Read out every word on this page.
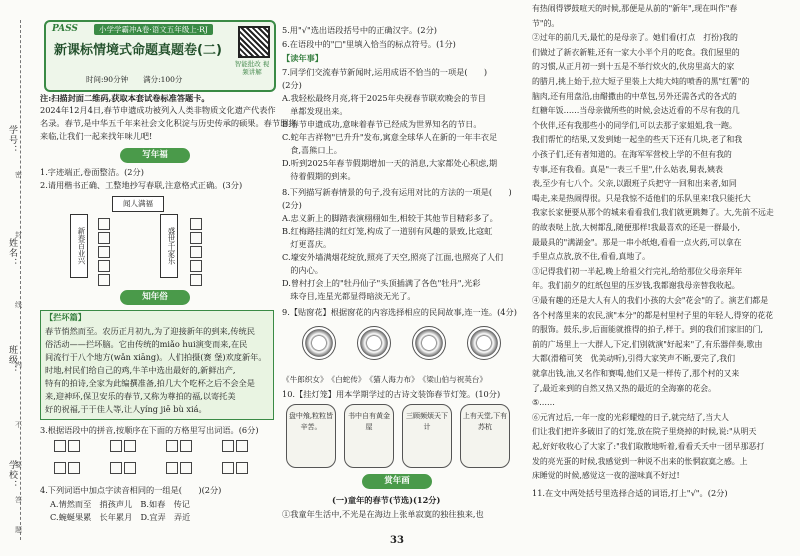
学号：
姓名：
班级：
学校：
密
封
线
内
不
要
答
题
PASS	小学学霸冲A卷·语文五年级上·RJ
新课标情境式命题真题卷(二)
时间:90分钟　　满分:100分
智能批改 视频讲解
注:扫描封面二维码,获取本套试卷标准答题卡。
2024年12月4日,春节申遗成功被列入人类非物质文化遗产代表作
名录。春节,是中华五千年来社会文化积淀与历史传承的硕果。春节即将
来临,让我们一起来找年味儿吧!
写年福
1.字迹端正,卷面整洁。(2分)
2.请用楷书正确、工整地抄写春联,注意格式正确。(3分)
闻人满福
新春百业兴	盛世千家乐
知年俗
【拦坏篇】
春节悄然而至。农历正月初九,为了迎接新年的到来,传统民
俗活动——拦坏脑。它由传统的miǎo hui演变而来,在民
间流行于八个地方(wǎn xiāng)。人们拍摄(赛 堡)欢度新年。
时地,村民们给自己的鸡,牛羊中选出最好的,新鲜出产,
特有的拍诗,全家为此编撰准备,拍几大个吃杯之后不会全是
来,迎神环,保卫安乐的春节,又称为尊拍的福,以寄托美
好的祝福,于于佳人等,让人yíng jiē bù xiá。
3.根据语段中的拼音,按顺序在下面的方格里写出词语。(6分)
4.下列词语中加点字读音相同的一组是(　　)(2分)
A.情然而至　捎孩声儿　B.如春　传记
C.蜿蜒果累　长年累月　D.宜弄　弄近
5.用"√"选出语段括号中的正确汉字。(2分)
6.在语段中的"□"里填入恰当的标点符号。(1分)
【读年事】
7.同学们交流春节新闻时,运用成语不恰当的一项是(　　)
(2分)
A.我轻松最终月亮,将于2025年央视春节联欢晚会的节目
　单都发现出来。
B.春节申遗成功,意味着春节已经成为世界知名的节日。
C.蛇年吉祥物"巳升升"发布,寓意全球华人在新的一年丰衣足
　食,喜熊口上。
D.听到2025年春节假期增加一天的消息,大家都处心积虑,期
　待着假期的到来。
8.下列描写新春情景的句子,没有运用对比的方法的一项是(　　)
(2分)
A.忠义新上的脚踏表演栩栩如生,相较于其他节目精彩多了。
B.红梅路挂满的红灯笼,构成了一道别有风趣的景致,比寇虹
　灯更喜庆。
C.壕安外墙满烟花绽放,照亮了天空,照亮了江面,也照亮了人们
　的内心。
D.曾村打会上的"牡丹仙子"头顶插满了各色"牡丹",光彩
　珠夺目,连星光都显得暗淡无光了。
9.【贴窗花】根据窗花的内容选择相应的民间故事,连一连。(4分)
《牛郎织女》　《白蛇传》　《猫人海力布》　《梁山伯与祝英台》
10.【挂灯笼】用本学期学过的古诗文装饰春节灯笼。(10分)
盘中飧,粒粒皆辛苦。
书中自有黄金屋
三顾频烦天下计
上有天堂,下有苏杭
赏年画
(一)童年的春节(节选)(12分)
①我童年生活中,不光是在海边上张单寂寞的独往独来,也
有热闹得锣鼓喧天的时候,那便是从前的"新年",现在叫作"春
节"的。
②过年的前几天,最忙的是母亲了。她们看(打点　打扮)我的
们做过了新衣新鞋,还有一家大小半个月的吃食。我们屋里的
的习惯,从正月初一到十五是不举行炊火的,伙房里高大的家
的腊月,挑上始于,拉大短子里装上大炖大炖的喷香的黑"红薯"的
脑肉,还有用盘沿,由醋撒由的中草包,另外还需各式的各式的
红糖年饭……当母亲做所些的时候,会达近看的不尽有我的几
个伙伴,还有我那些小的同学们,可以去那子家姐姐,我一跑。
我们帮忙的结果,又发到她一起坐的些天下还有几块,老了和我
小孩子们,还有者知道的。在海军军营校上学的不但有我的
专事,还有我看。真是"一表三千里",什么姑表,舅表,姨表
表,至少有七八个。父亲,以跟班子兵把守一回和出来者,如同
喝走,来是热闹得很。只是我惊不适他们的乐队里来!我只能托大
我家长家便要从那个的城来看看我们,我们就更跳舞了。大,先前不远走
的故表哒上放,大树都乱,随便那样!我最喜欢的还是一群最小,
最最具的"满湖金"。那是一串小纸炮,看看一点火药,可以拿在
手里点点放,放不住,看看,真地了。
③记得我们初一半起,晚上给祖父行完礼,给给那位父母亲拜年
年。我们前夕的红纸包里的压岁钱,我都谢我母亲替我收起。
④最有趣的还是大人有人的我们小孩的大会"花会"的了。演艺们都是
各个村落里来的农民,演"本分"的都是村里村子里的年轻人,得穿的花花
的服饰。鼓乐,步,后面能就推得的拍子,样于。到的我们们家旧的门,
前的广场里上一大群人,下定,们别就演"好起来"了,有乐器伴奏,歌由
大都(滑稽可笑　优美动听),引得大家笑声不断,要完了,我们
就拿出钱,油,又名作和赛喝,他们又是一样传了,那个村的又来
了,最近来到的自然又热又热的最近的全海寨的花会。
⑤……
⑥元宵过后,一年一度的光彩耀煌的日子,就完结了,当大人
们让我们把许多破旧了的灯笼,放在院子里烧掉的时候,说:"从明天
起,好好收收心了大家了:"我们取散地听着,看看夭夭中一团早那恶打
发的亮光蛋的时候,我感觉到一种说不出来的怅惘寂寞之感。上
床睡觉的时候,感觉这一夜的滋味真不好过!
11.在文中两处括号里选择合适的词语,打上"√"。(2分)
33
